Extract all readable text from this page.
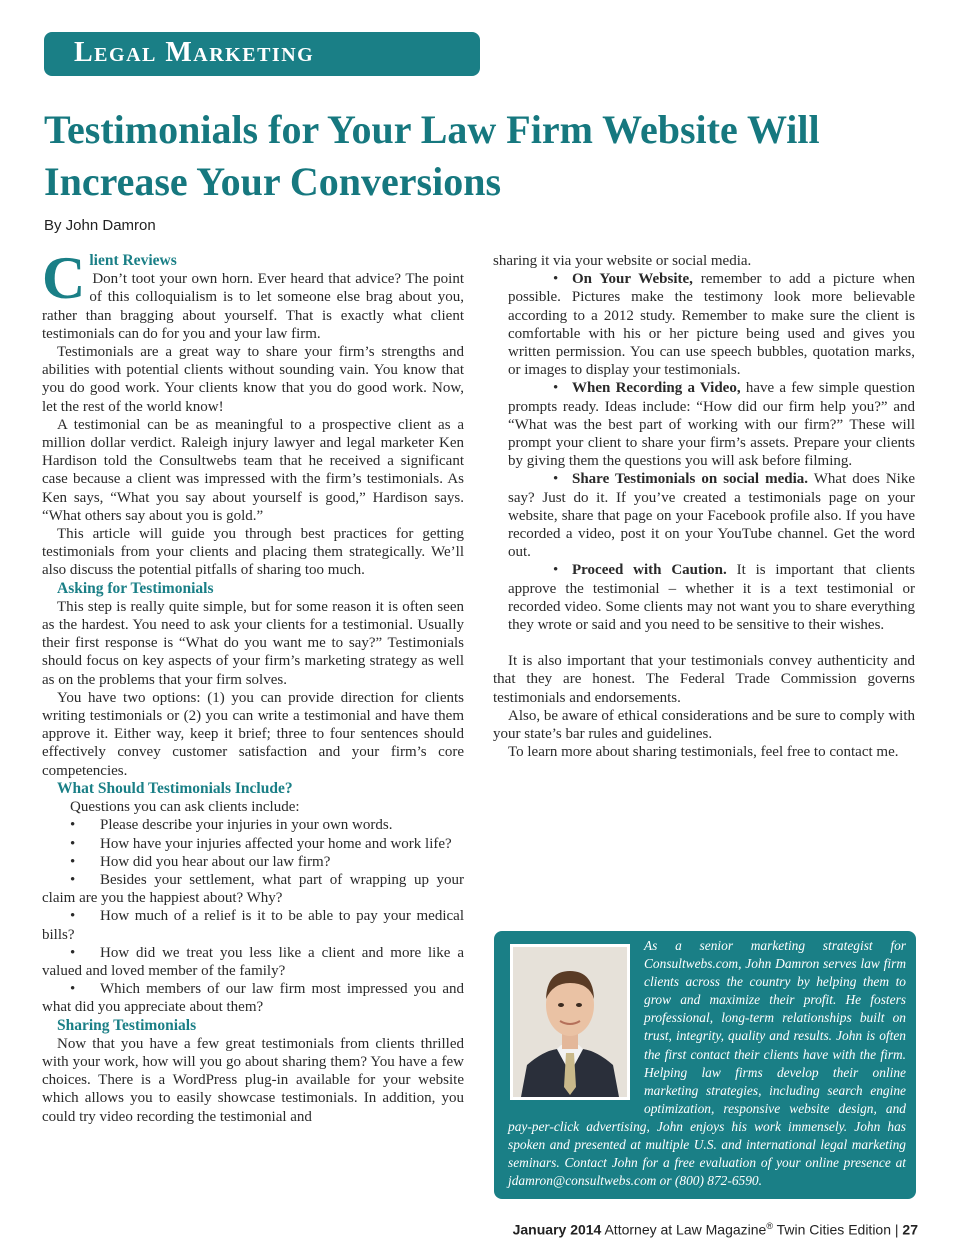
Legal Marketing
Testimonials for Your Law Firm Website Will Increase Your Conversions
By John Damron

C lient Reviews
Don’t toot your own horn. Ever heard that advice? The point of this colloquialism is to let someone else brag about you, rather than bragging about yourself. That is exactly what client testimonials can do for you and your law firm.

Testimonials are a great way to share your firm’s strengths and abilities with potential clients without sounding vain. You know that you do good work. Your clients know that you do good work. Now, let the rest of the world know!

A testimonial can be as meaningful to a prospective client as a million dollar verdict. Raleigh injury lawyer and legal marketer Ken Hardison told the Consultwebs team that he received a significant case because a client was impressed with the firm’s testimonials. As Ken says, “What you say about yourself is good,” Hardison says. “What others say about you is gold.”

This article will guide you through best practices for getting testimonials from your clients and placing them strategically. We’ll also discuss the potential pitfalls of sharing too much.

Asking for Testimonials

This step is really quite simple, but for some reason it is often seen as the hardest. You need to ask your clients for a testimonial. Usually their first response is “What do you want me to say?” Testimonials should focus on key aspects of your firm’s marketing strategy as well as on the problems that your firm solves.

You have two options: (1) you can provide direction for clients writing testimonials or (2) you can write a testimonial and have them approve it. Either way, keep it brief; three to four sentences should effectively convey customer satisfaction and your firm’s core competencies.

What Should Testimonials Include?

Questions you can ask clients include:

• Please describe your injuries in your own words.
• How have your injuries affected your home and work life?
• How did you hear about our law firm?
• Besides your settlement, what part of wrapping up your claim are you the happiest about? Why?
• How much of a relief is it to be able to pay your medical bills?
• How did we treat you less like a client and more like a valued and loved member of the family?
• Which members of our law firm most impressed you and what did you appreciate about them?

Sharing Testimonials

Now that you have a few great testimonials from clients thrilled with your work, how will you go about sharing them? You have a few choices. There is a WordPress plug-in available for your website which allows you to easily showcase testimonials. In addition, you could try video recording the testimonial and

sharing it via your website or social media.

• On Your Website, remember to add a picture when possible. Pictures make the testimony look more believable according to a 2012 study. Remember to make sure the client is comfortable with his or her picture being used and gives you written permission. You can use speech bubbles, quotation marks, or images to display your testimonials.

• When Recording a Video, have a few simple question prompts ready. Ideas include: “How did our firm help you?” and “What was the best part of working with our firm?” These will prompt your client to share your firm’s assets. Prepare your clients by giving them the questions you will ask before filming.

• Share Testimonials on social media. What does Nike say? Just do it. If you’ve created a testimonials page on your website, share that page on your Facebook profile also. If you have recorded a video, post it on your YouTube channel. Get the word out.

• Proceed with Caution. It is important that clients approve the testimonial – whether it is a text testimonial or recorded video. Some clients may not want you to share everything they wrote or said and you need to be sensitive to their wishes.

It is also important that your testimonials convey authenticity and that they are honest. The Federal Trade Commission governs testimonials and endorsements.

Also, be aware of ethical considerations and be sure to comply with your state’s bar rules and guidelines.

To learn more about sharing testimonials, feel free to contact me.

As a senior marketing strategist for Consultwebs.com, John Damron serves law firm clients across the country by helping them to grow and maximize their profit. He fosters professional, long-term relationships built on trust, integrity, quality and results. John is often the first contact their clients have with the firm. Helping law firms develop their online marketing strategies, including search engine optimization, responsive website design, and pay-per-click advertising, John enjoys his work immensely. John has spoken and presented at multiple U.S. and international legal marketing seminars. Contact John for a free evaluation of your online presence at jdamron@consultwebs.com or (800) 872-6590.
January 2014 Attorney at Law Magazine® Twin Cities Edition | 27
